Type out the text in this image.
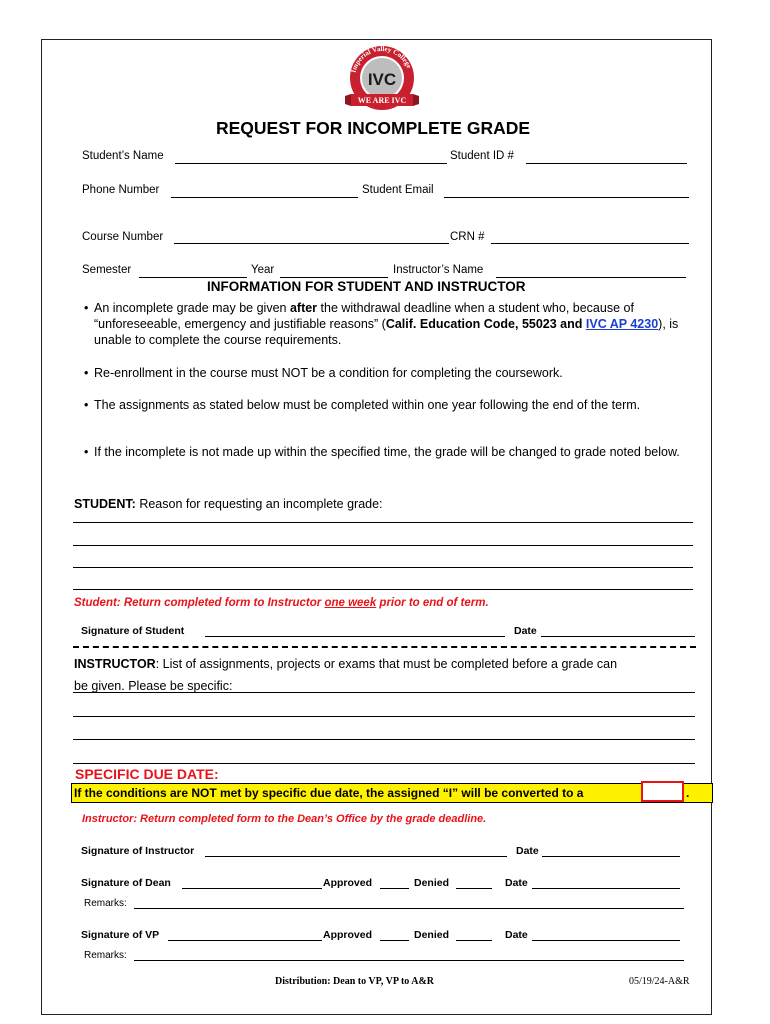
Imperial Valley College
IVC
WE ARE IVC
REQUEST FOR INCOMPLETE GRADE
Student’s Name	Student ID #
Phone Number	Student Email
Course Number	CRN #
Semester	Year	Instructor’s Name
INFORMATION FOR STUDENT AND INSTRUCTOR
• An incomplete grade may be given after the withdrawal deadline when a student who, because of “unforeseeable, emergency and justifiable reasons” (Calif. Education Code, 55023 and IVC AP 4230), is unable to complete the course requirements.
• Re-enrollment in the course must NOT be a condition for completing the coursework.
• The assignments as stated below must be completed within one year following the end of the term.
• If the incomplete is not made up within the specified time, the grade will be changed to grade noted below.
STUDENT: Reason for requesting an incomplete grade:
Student: Return completed form to Instructor one week prior to end of term.
Signature of Student	Date
INSTRUCTOR: List of assignments, projects or exams that must be completed before a grade can
be given. Please be specific:
SPECIFIC DUE DATE:
If the conditions are NOT met by specific due date, the assigned “I” will be converted to a	.
Instructor: Return completed form to the Dean’s Office by the grade deadline.
Signature of Instructor	Date
Signature of Dean	Approved	Denied	Date
Remarks:
Signature of VP	Approved	Denied	Date
Remarks:
Distribution: Dean to VP, VP to A&R	05/19/24-A&R
